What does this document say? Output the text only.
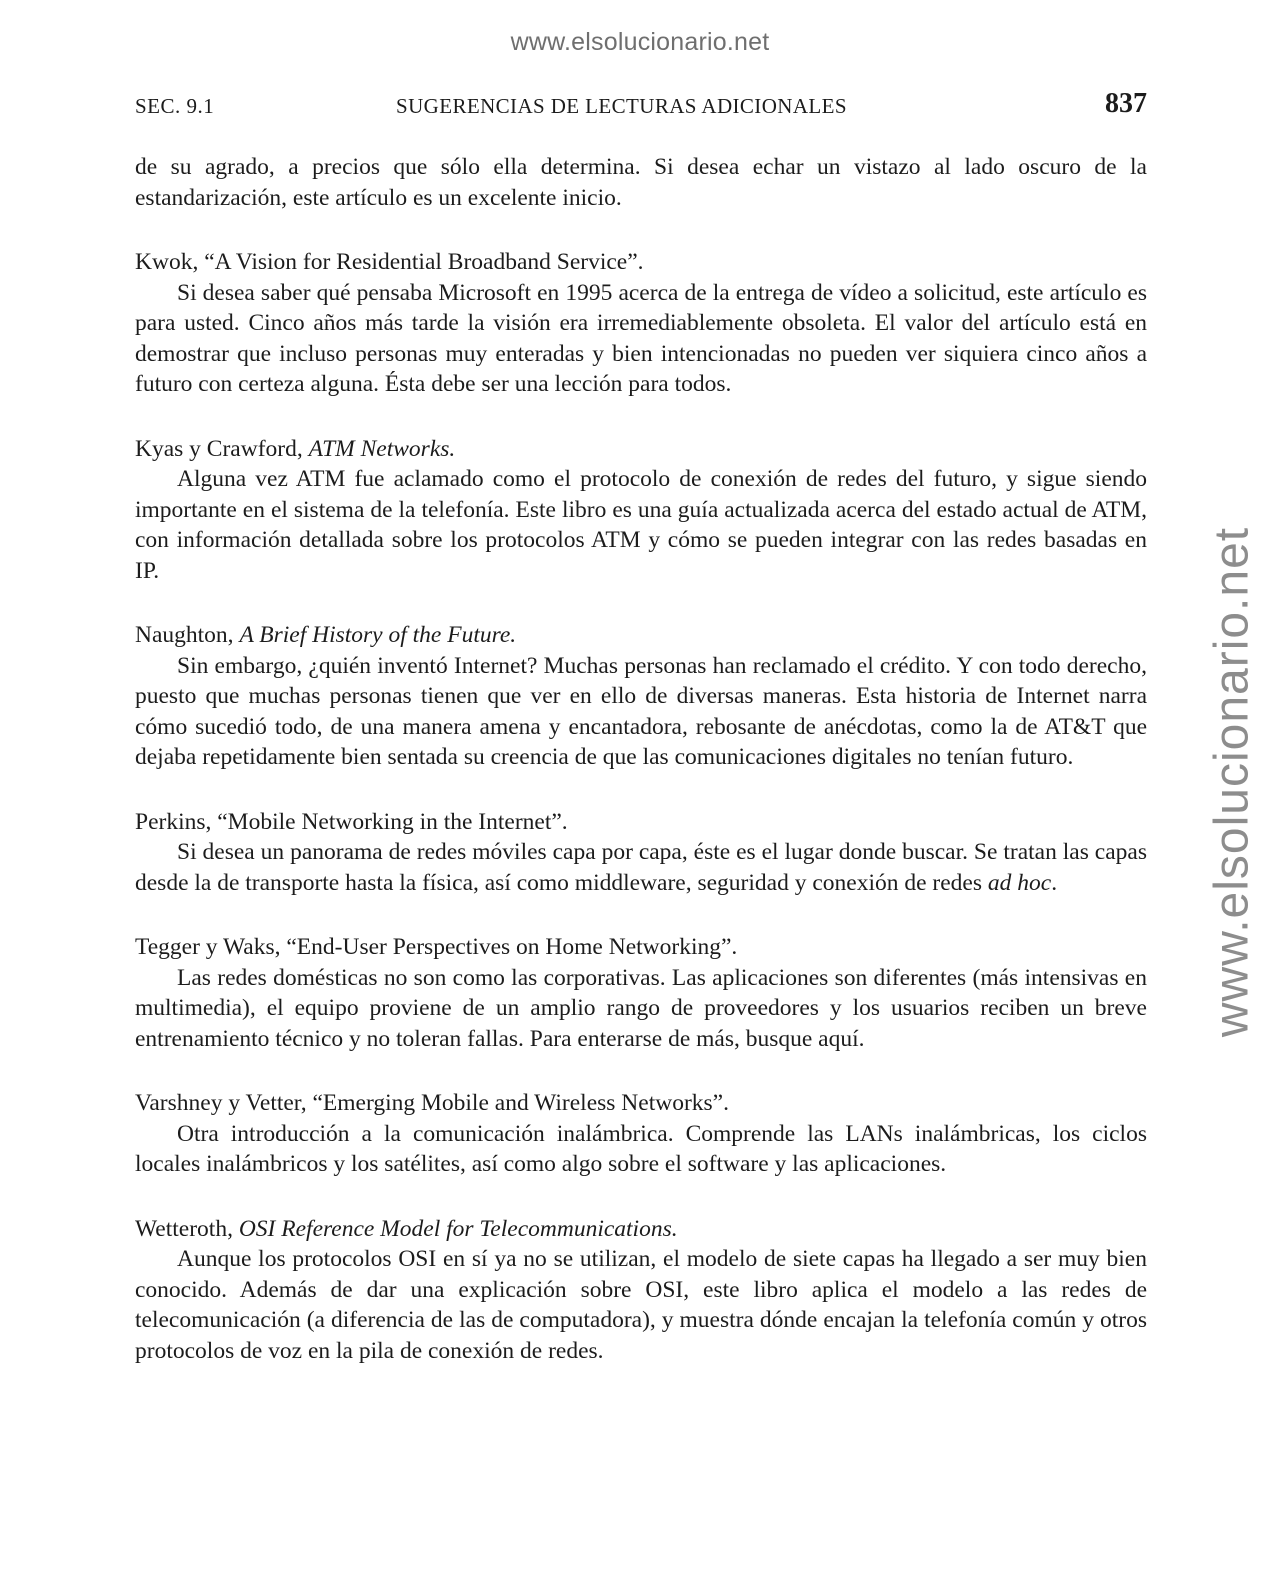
www.elsolucionario.net
www.elsolucionario.net
SEC. 9.1	SUGERENCIAS DE LECTURAS ADICIONALES	837

de su agrado, a precios que sólo ella determina. Si desea echar un vistazo al lado oscuro de la estandarización, este artículo es un excelente inicio.

Kwok, “A Vision for Residential Broadband Service”.

Si desea saber qué pensaba Microsoft en 1995 acerca de la entrega de vídeo a solicitud, este artículo es para usted. Cinco años más tarde la visión era irremediablemente obsoleta. El valor del artículo está en demostrar que incluso personas muy enteradas y bien intencionadas no pueden ver siquiera cinco años a futuro con certeza alguna. Ésta debe ser una lección para todos.

Kyas y Crawford, ATM Networks.

Alguna vez ATM fue aclamado como el protocolo de conexión de redes del futuro, y sigue siendo importante en el sistema de la telefonía. Este libro es una guía actualizada acerca del estado actual de ATM, con información detallada sobre los protocolos ATM y cómo se pueden integrar con las redes basadas en IP.

Naughton, A Brief History of the Future.

Sin embargo, ¿quién inventó Internet? Muchas personas han reclamado el crédito. Y con todo derecho, puesto que muchas personas tienen que ver en ello de diversas maneras. Esta historia de Internet narra cómo sucedió todo, de una manera amena y encantadora, rebosante de anécdotas, como la de AT&T que dejaba repetidamente bien sentada su creencia de que las comunicaciones digitales no tenían futuro.

Perkins, “Mobile Networking in the Internet”.

Si desea un panorama de redes móviles capa por capa, éste es el lugar donde buscar. Se tratan las capas desde la de transporte hasta la física, así como middleware, seguridad y conexión de redes ad hoc.

Tegger y Waks, “End-User Perspectives on Home Networking”.

Las redes domésticas no son como las corporativas. Las aplicaciones son diferentes (más intensivas en multimedia), el equipo proviene de un amplio rango de proveedores y los usuarios reciben un breve entrenamiento técnico y no toleran fallas. Para enterarse de más, busque aquí.

Varshney y Vetter, “Emerging Mobile and Wireless Networks”.

Otra introducción a la comunicación inalámbrica. Comprende las LANs inalámbricas, los ciclos locales inalámbricos y los satélites, así como algo sobre el software y las aplicaciones.

Wetteroth, OSI Reference Model for Telecommunications.

Aunque los protocolos OSI en sí ya no se utilizan, el modelo de siete capas ha llegado a ser muy bien conocido. Además de dar una explicación sobre OSI, este libro aplica el modelo a las redes de telecomunicación (a diferencia de las de computadora), y muestra dónde encajan la telefonía común y otros protocolos de voz en la pila de conexión de redes.
